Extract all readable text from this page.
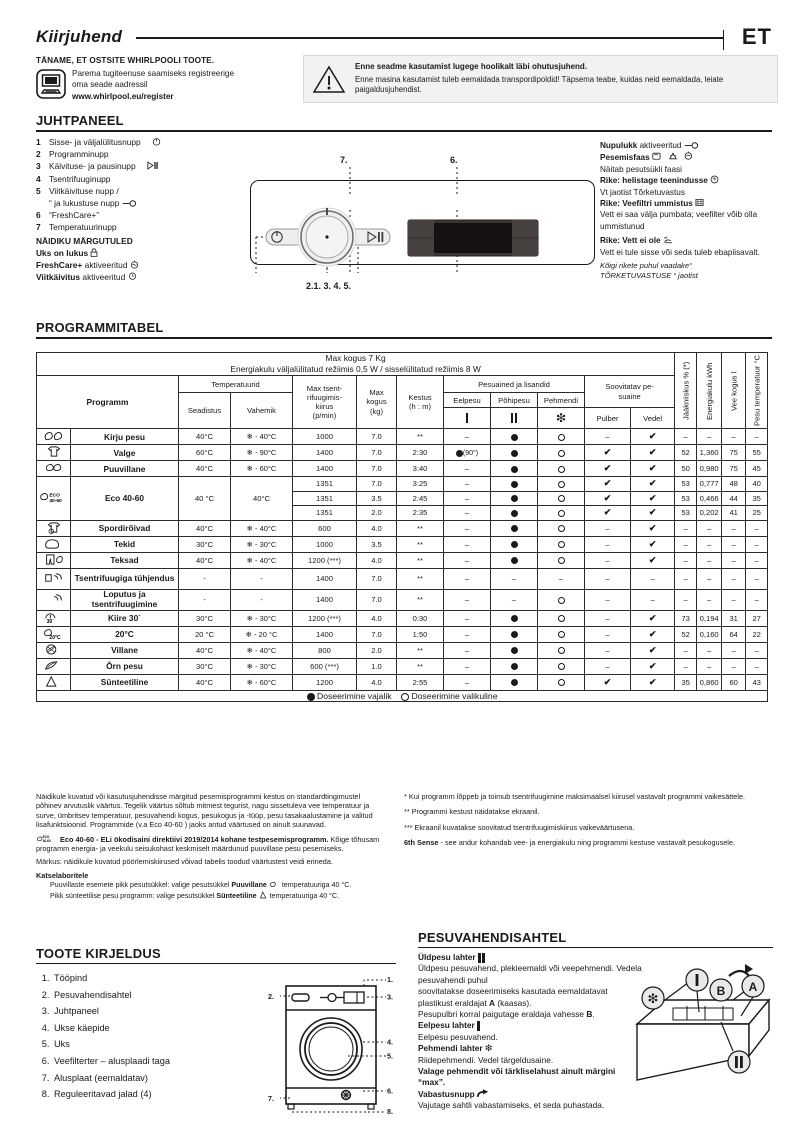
Kiirjuhend	ET
TÄNAME, ET OSTSITE WHIRLPOOLI TOOTE.
Parema tugiteenuse saamiseks registreerige
oma seade aadressil
www.whirlpool.eu/register
Enne seadme kasutamist lugege hoolikalt läbi ohutusjuhend.
Enne masina kasutamist tuleb eemaldada transpordipoldid! Täpsema teabe, kuidas neid eemaldada, leiate paigaldusjuhendist.
JUHTPANEEL
1 Sisse- ja väljalülitusnupp
2 Programminupp
3 Käivituse- ja pausinupp
4 Tsentrifuuginupp
5 Viitkäivituse nupp /
“ ja lukustuse nupp
6 “FreshCare+”
7 Temperatuurinupp
NÄIDIKU MÄRGUTULED
Uks on lukus
FreshCare+ aktiveeritud
Viitkäivitus aktiveeritud
7.	6.
2.1. 3. 4. 5.
Nupulukk aktiveeritud
Pesemisfaas
Näitab pesutsükli faasi
Rike: helistage teenindusse
Vt jaotist Tõrketuvastus
Rike: Veefiltri ummistus
Vett ei saa välja pumbata; veefilter võib olla ummistunud
Rike: Vett ei ole
Vett ei tule sisse või seda tuleb ebapiisavalt.
Kõigi rikete puhul vaadake“
TÕRKETUVASTUSE “ jaotist
PROGRAMMITABEL
Max kogus 7 Kg
Energiakulu väljalülitatud režiimis 0,5 W / sisselülitatud režiimis 8 W												Jääkniiskus % (*)	Energiakulu kWh	Vee kogus l	Pesu temperatuur °C
Programm		Temperatuurid		Max tsent-
rifuugimis-
kiirus
(p/min)	Max
kogus
(kg)	Kestus
(h : m)	Pesuained ja lisandid			Soovitatav pe-
suaine					
		Seadistus	Vahemik				Eelpesu	Põhipesu	Pehmendi						
									❇	Pulber	Vedel				
	Kirju pesu	40°C	❄ - 40°C	1000	7.0	**	–			–	✔	–	–	–	–
	Valge	60°C	❄ - 90°C	1400	7.0	2:30	(90°)			✔	✔	52	1,360	75	55
	Puuvillane	40°C	❄ - 60°C	1400	7.0	3:40	–			✔	✔	50	0,980	75	45

ECO
40-60	Eco 40-60	40 °C	40°C	1351	7.0	3:25	–			✔	✔	53	0,777	48	40
				1351	3.5	2:45	–			✔	✔	53	0,466	44	35
				1351	2.0	2:35	–			✔	✔	53	0,202	41	25
	Spordirõivad	40°C	❄ - 40°C	600	4.0	**	–			–	✔	–	–	–	–
	Tekid	30°C	❄ - 30°C	1000	3.5	**	–			–	✔	–	–	–	–
	Teksad	40°C	❄ - 40°C	1200 (***)	4.0	**	–			–	✔	–	–	–	–
	Tsentrifuugiga tühjendus	-	-	1400	7.0	**	–	–	–	–	–	–	–	–	–
	Loputus ja tsentrifuugimine	-	-	1400	7.0	**	–	–		–	–	–	–	–	–

30´	Kiire 30´	30°C	❄ - 30°C	1200 (***)	4.0	0:30	–			–	✔	73	0,194	31	27

20°C	20°C	20 °C	❄ - 20 °C	1400	7.0	1:50	–			–	✔	52	0,160	64	22
	Villane	40°C	❄ - 40°C	800	2.0	**	–			–	✔	–	–	–	–
	Õrn pesu	30°C	❄ - 30°C	600 (***)	1.0	**	–			–	✔	–	–	–	–
	Sünteetiline	40°C	❄ - 60°C	1200	4.0	2:55	–			✔	✔	35	0,860	60	43
Doseerimine vajalik Doseerimine valikuline															

Näidikule kuvatud või kasutusjuhendisse märgitud pesemisprogrammi kestus on standardtingimustel põhinev arvutuslik väärtus. Tegelik väärtus sõltub mitmest tegurist, nagu sissetuleva vee temperatuur ja surve, ümbritsev temperatuur, pesuvahendi kogus, pesukogus ja -tüüp, pesu tasakaalustamine ja valitud lisafunktsioonid. Programmide (v.a Eco 40-60 ) jaoks antud väärtused on ainult suunavad.

ECO
40-60 Eco 40-60 - ELi ökodisaini direktiivi 2019/2014 kohane testpesemisprogramm. Kõige tõhusam programm energia- ja veekulu seisukohast keskmiselt määrdunud puuvillase pesu pesemiseks.

Märkus: näidikule kuvatud pöörlemiskiirused võivad tabelis toodud väärtustest veidi erineda.

Katselaboritele
Puuvillaste esemete pikk pesutsükkel: valige pesutsükkel Puuvillane  temperatuuriga 40 °C.
Pikk sünteetilise pesu programm: valige pesutsükkel Sünteetiline  temperatuuriga 40 °C.

* Kui programm lõppeb ja toimub tsentrifuugimine maksimaalsel kiirusel vastavalt programmi vaikesättele.

** Programmi kestust näidatakse ekraanil.

*** Ekraanil kuvatakse soovitatud tsentrifuugimiskiirus vaikeväärtusena.

6th Sense - see andur kohandab vee- ja energiakulu ning programmi kestuse vastavalt pesukogusele.

TOOTE KIRJELDUS
1. Tööpind
2. Pesuvahendisahtel
3. Juhtpaneel
4. Ukse käepide
5. Uks
6. Veefilterter – alusplaadi taga
7. Alusplaat (eemaldatav)
8. Reguleeritavad jalad (4)
1.
3.
4.
5.
6.
8.
2.
7.
PESUVAHENDISAHTEL
Üldpesu lahter
Üldpesu pesuvahend, plekieemaldi või veepehmendi. Vedela pesuvahendi puhul
soovitatakse doseerimiseks kasutada eemaldatavat plastikust eraldajat A (kaasas).
Pesupulbri korral paigutage eraldaja vahesse B.
Eelpesu lahter
Eelpesu pesuvahend.
Pehmendi lahter ❇
Riidepehmendi. Vedel tärgeldusaine.
Valage pehmendit või tärkliselahust ainult märgini “max”.
Vabastusnupp
Vajutage sahtli vabastamiseks, et seda puhastada.
❇	B A
